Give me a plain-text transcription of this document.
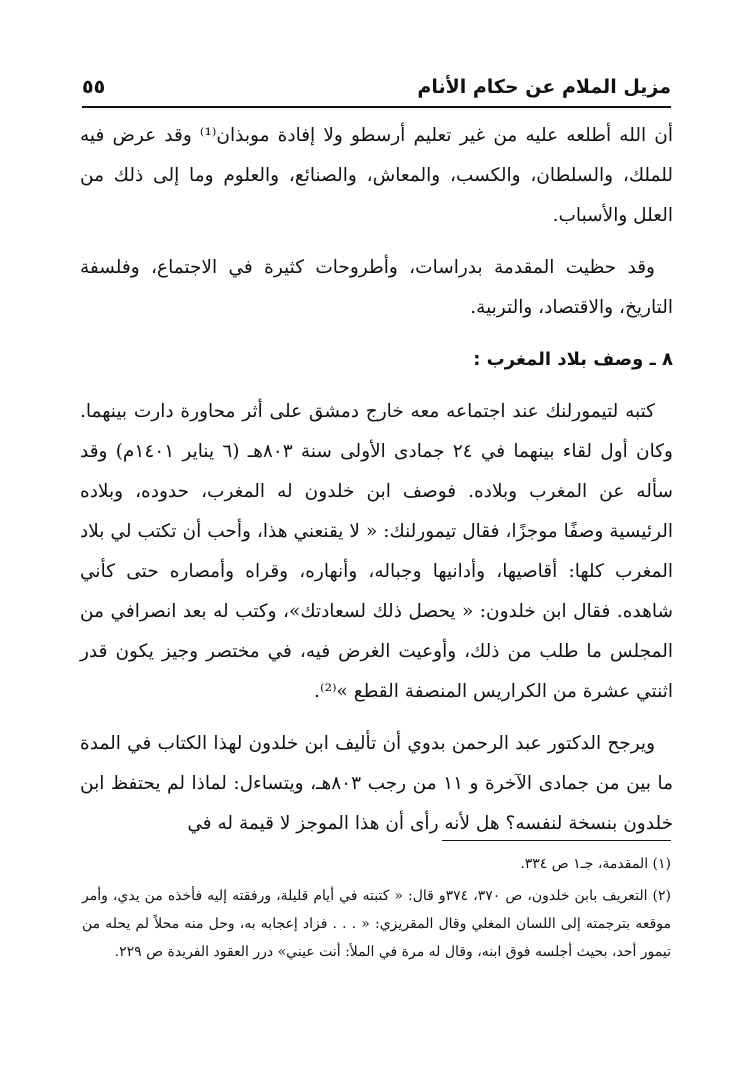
مزيل الملام عن حكام الأنام
٥٥

أن الله أطلعه عليه من غير تعليم أرسطو ولا إفادة موبذان⁽¹⁾ وقد عرض فيه للملك، والسلطان، والكسب، والمعاش، والصنائع، والعلوم وما إلى ذلك من العلل والأسباب.

وقد حظيت المقدمة بدراسات، وأطروحات كثيرة في الاجتماع، وفلسفة التاريخ، والاقتصاد، والتربية.

٨ ـ وصف بلاد المغرب :

كتبه لتيمورلنك عند اجتماعه معه خارج دمشق على أثر محاورة دارت بينهما. وكان أول لقاء بينهما في ٢٤ جمادى الأولى سنة ٨٠٣هـ (٦ يناير ١٤٠١م) وقد سأله عن المغرب وبلاده. فوصف ابن خلدون له المغرب، حدوده، وبلاده الرئيسية وصفًا موجزًا، فقال تيمورلنك: « لا يقنعني هذا، وأحب أن تكتب لي بلاد المغرب كلها: أقاصيها، وأدانيها وجباله، وأنهاره، وقراه وأمصاره حتى كأني شاهده. فقال ابن خلدون: « يحصل ذلك لسعادتك»، وكتب له بعد انصرافي من المجلس ما طلب من ذلك، وأوعيت الغرض فيه، في مختصر وجيز يكون قدر اثنتي عشرة من الكراريس المنصفة القطع »⁽²⁾.

ويرجح الدكتور عبد الرحمن بدوي أن تأليف ابن خلدون لهذا الكتاب في المدة ما بين من جمادى الآخرة و ١١ من رجب ٨٠٣هـ، ويتساءل: لماذا لم يحتفظ ابن خلدون بنسخة لنفسه؟ هل لأنه رأى أن هذا الموجز لا قيمة له في

(١) المقدمة، جـ١ ص ٣٣٤.

(٢) التعريف بابن خلدون، ص ٣٧٠، ٣٧٤و قال: « كتبته في أيام قليلة، ورفقته إليه فأخذه من يدي، وأمر موقعه بترجمته إلى اللسان المغلي وقال المقريزي: « . . . فزاد إعجابه به، وحل منه محلاً لم يحله من تيمور أحد، بحيث أجلسه فوق ابنه، وقال له مرة في الملأ: أنت عيني» درر العقود الفريدة ص ٢٢٩.
